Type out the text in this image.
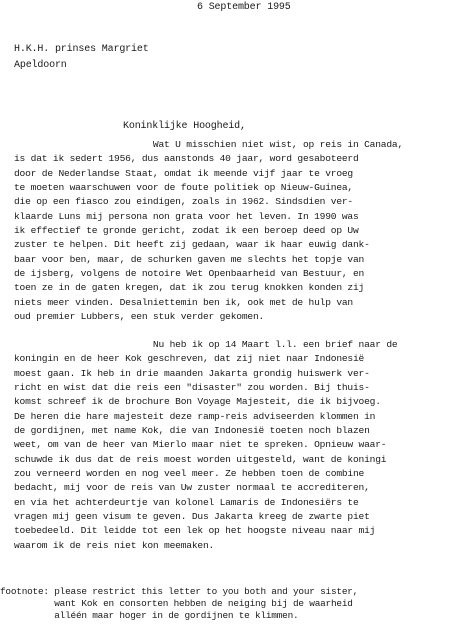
6 September 1995
H.K.H. prinses Margriet
Apeldoorn
Koninklijke Hoogheid,
Wat U misschien niet wist, op reis in Canada,
is dat ik sedert 1956, dus aanstonds 40 jaar, word gesaboteerd
door de Nederlandse Staat, omdat ik meende vijf jaar te vroeg
te moeten waarschuwen voor de foute politiek op Nieuw-Guinea,
die op een fiasco zou eindigen, zoals in 1962. Sindsdien ver-
klaarde Luns mij persona non grata voor het leven. In 1990 was
ik effectief te gronde gericht, zodat ik een beroep deed op Uw
zuster te helpen. Dit heeft zij gedaan, waar ik haar euwig dank-
baar voor ben, maar, de schurken gaven me slechts het topje van
de ijsberg, volgens de notoire Wet Openbaarheid van Bestuur, en
toen ze in de gaten kregen, dat ik zou terug knokken konden zij
niets meer vinden. Desalniettemin ben ik, ook met de hulp van
oud premier Lubbers, een stuk verder gekomen.
Nu heb ik op 14 Maart l.l. een brief naar de
koningin en de heer Kok geschreven, dat zij niet naar Indonesië
moest gaan. Ik heb in drie maanden Jakarta grondig huiswerk ver-
richt en wist dat die reis een "disaster" zou worden. Bij thuis-
komst schreef ik de brochure Bon Voyage Majesteit, die ik bijvoeg.
De heren die hare majesteit deze ramp-reis adviseerden klommen in
de gordijnen, met name Kok, die van Indonesië toeten noch blazen
weet, om van de heer van Mierlo maar niet te spreken. Opnieuw waar-
schuwde ik dus dat de reis moest worden uitgesteld, want de koningi
zou verneerd worden en nog veel meer. Ze hebben toen de combine
bedacht, mij voor de reis van Uw zuster normaal te accrediteren,
en via het achterdeurtje van kolonel Lamaris de Indonesiërs te
vragen mij geen visum te geven. Dus Jakarta kreeg de zwarte piet
toebedeeld. Dit leidde tot een lek op het hoogste niveau naar mij
waarom ik de reis niet kon meemaken.
footnote: please restrict this letter to you both and your sister,
want Kok en consorten hebben de neiging bij de waarheid
alléén maar hoger in de gordijnen te klimmen.
